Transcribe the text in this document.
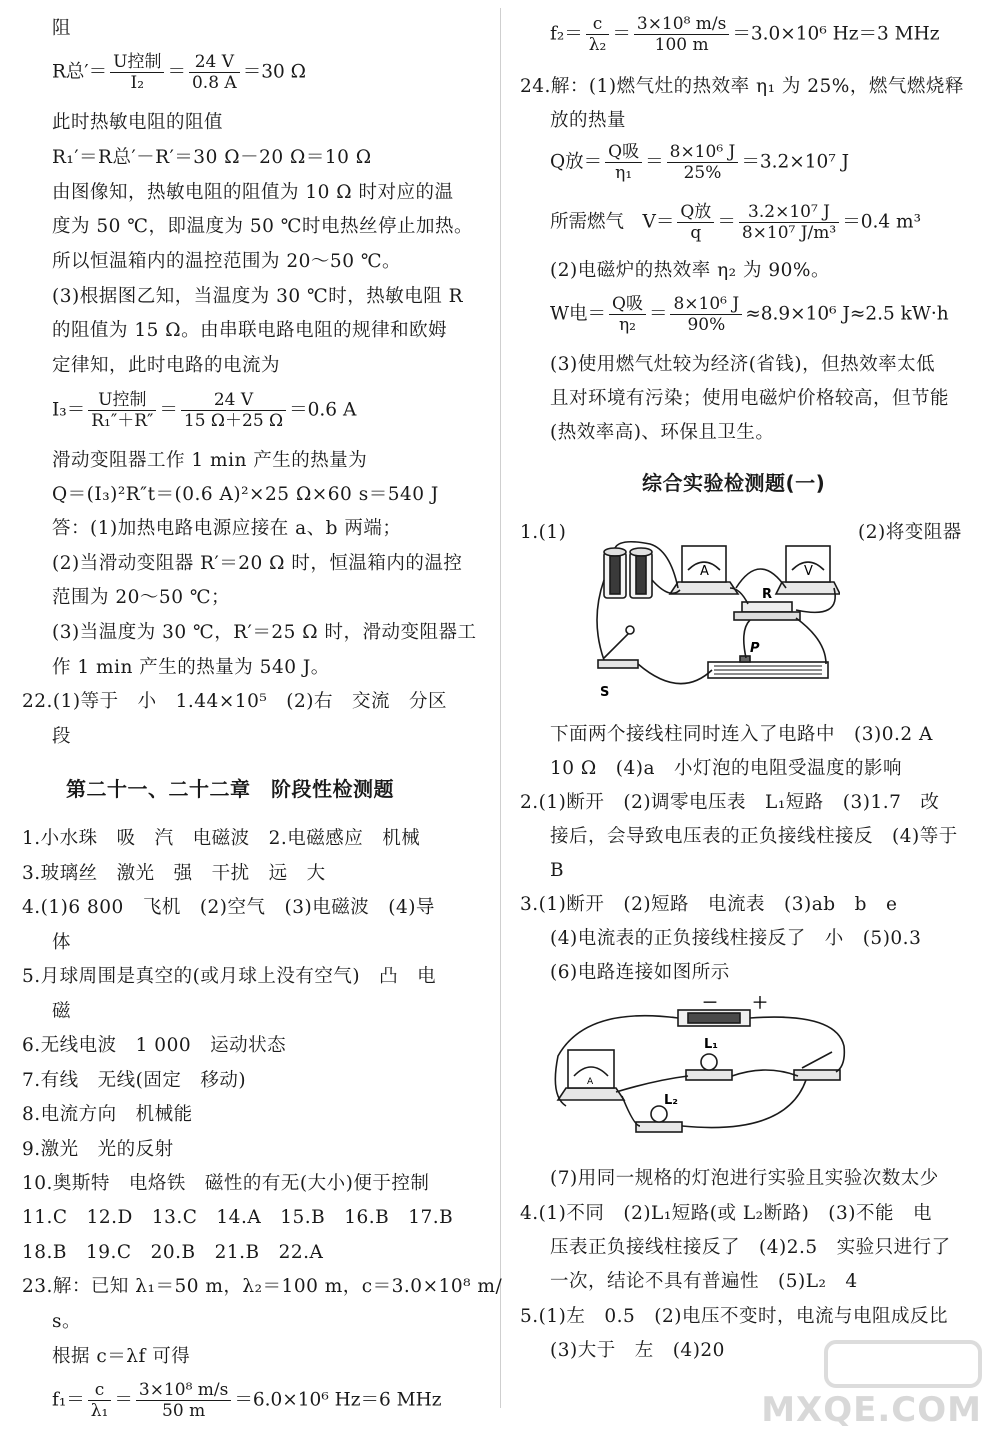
阻
R总′＝ $\frac{\text{U控制}}{\text{I₂}} = \frac{24 V}{0.8 A} =30$ Ω
此时热敏电阻的阻值
R₁′＝R总′－R′＝30 Ω－20 Ω＝10 Ω
由图像知，热敏电阻的阻值为 10 Ω 时对应的温
度为 50 ℃，即温度为 50 ℃时电热丝停止加热。
所以恒温箱内的温控范围为 20～50 ℃。
(3)根据图乙知，当温度为 30 ℃时，热敏电阻 R
的阻值为 15 Ω。由串联电路电阻的规律和欧姆
定律知，此时电路的电流为
$I_3= \frac{\text{U控制}}{\text{R₁″＋R″}} = \frac{24 V}{15 \Omega+25 \Omega} =0.6$ A
滑动变阻器工作 1 min 产生的热量为
Q＝(I₃)²R″t＝(0.6 A)²×25 Ω×60 s＝540 J
答：(1)加热电路电源应接在 a、b 两端；
(2)当滑动变阻器 R′＝20 Ω 时，恒温箱内的温控
范围为 20～50 ℃；
(3)当温度为 30 ℃，R′＝25 Ω 时，滑动变阻器工
作 1 min 产生的热量为 540 J。
22.(1)等于　小　1.44×10⁵　(2)右　交流　分区
段
第二十一、二十二章　阶段性检测题
1.小水珠　吸　汽　电磁波　2.电磁感应　机械
3.玻璃丝　激光　强　干扰　远　大
4.(1)6 800　飞机　(2)空气　(3)电磁波　(4)导
体
5.月球周围是真空的(或月球上没有空气)　凸　电
磁
6.无线电波　1 000　运动状态
7.有线　无线(固定　移动)
8.电流方向　机械能
9.激光　光的反射
10.奥斯特　电烙铁　磁性的有无(大小)便于控制
11.C　12.D　13.C　14.A　15.B　16.B　17.B
18.B　19.C　20.B　21.B　22.A
23.解：已知 λ₁＝50 m，λ₂＝100 m，c＝3.0×10⁸ m/
s。
根据 c＝λf 可得
$f_1= \frac{c}{\text{λ₁}} = \frac{\text{3×10⁸ m/s}}{50 m} =6.0\times 10^6$ Hz＝6 MHz
$f_2= \frac{c}{\text{λ₂}} = \frac{\text{3×10⁸ m/s}}{100 m} =3.0\times 10^6$ Hz＝3 MHz
24.解：(1)燃气灶的热效率 η₁ 为 25%，燃气燃烧释
放的热量
Q放＝ $\frac{\text{Q吸}}{\text{η₁}} = \frac{\text{8×10⁶ J}}{25\%} =3.2\times 10^7$ J
所需燃气　$V= \frac{\text{Q放}}{q} = \frac{\text{3.2×10⁷ J}}{\text{8×10⁷ J/m³}} =0.4$ m³
(2)电磁炉的热效率 η₂ 为 90%。
W电＝ $\frac{\text{Q吸}}{\text{η₂}} = \frac{\text{8×10⁶ J}}{90\%} \approx 8.9\times 10^6$ J≈2.5 kW·h
(3)使用燃气灶较为经济(省钱)，但热效率太低
且对环境有污染；使用电磁炉价格较高，但节能
(热效率高)、环保且卫生。
综合实验检测题(一)
1.(1)	(2)将变阻器
A	V
R
P
S
下面两个接线柱同时连入了电路中　(3)0.2 A
10 Ω　(4)a　小灯泡的电阻受温度的影响
2.(1)断开　(2)调零电压表　L₁短路　(3)1.7　改
接后，会导致电压表的正负接线柱接反　(4)等于
B
3.(1)断开　(2)短路　电流表　(3)ab　b　e
(4)电流表的正负接线柱接反了　小　(5)0.3
(6)电路连接如图所示
－ ＋
A
L₁
L₂
(7)用同一规格的灯泡进行实验且实验次数太少
4.(1)不同　(2)L₁短路(或 L₂断路)　(3)不能　电
压表正负接线柱接反了　(4)2.5　实验只进行了
一次，结论不具有普遍性　(5)L₂　4
5.(1)左　0.5　(2)电压不变时，电流与电阻成反比
(3)大于　左　(4)20
MXQE.COM
